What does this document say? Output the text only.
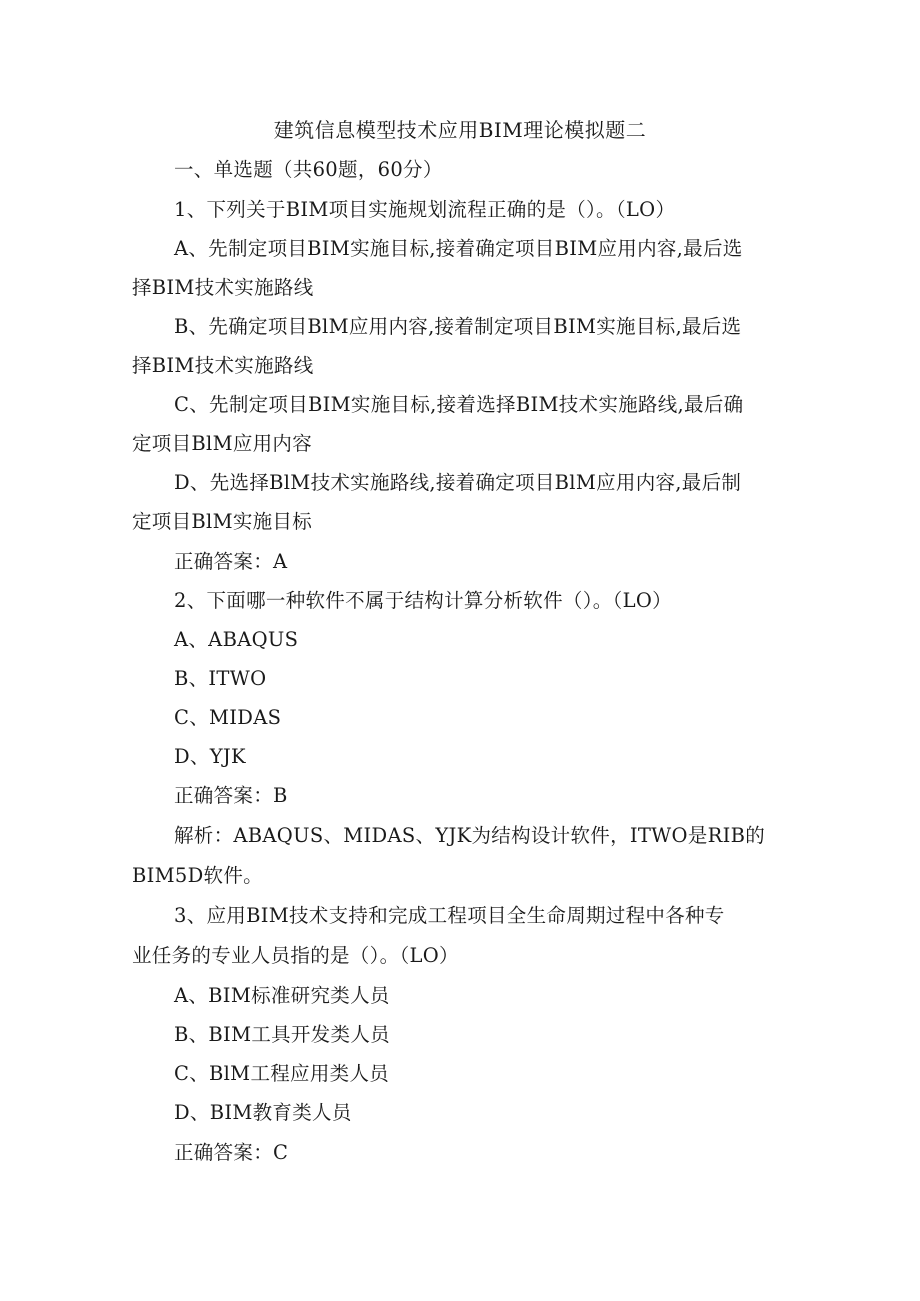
建筑信息模型技术应用BIM理论模拟题二
一、单选题（共60题，60分）
1、下列关于BIM项目实施规划流程正确的是（）。（LO）
A、先制定项目BIM实施目标,接着确定项目BIM应用内容,最后选
择BIM技术实施路线
B、先确定项目BlM应用内容,接着制定项目BIM实施目标,最后选
择BIM技术实施路线
C、先制定项目BIM实施目标,接着选择BIM技术实施路线,最后确
定项目BlM应用内容
D、先选择BlM技术实施路线,接着确定项目BlM应用内容,最后制
定项目BlM实施目标
正确答案：A
2、下面哪一种软件不属于结构计算分析软件（）。（LO）
A、ABAQUS
B、ITWO
C、MIDAS
D、YJK
正确答案：B
解析：ABAQUS、MIDAS、YJK为结构设计软件，ITWO是RIB的
BIM5D软件。
3、应用BIM技术支持和完成工程项目全生命周期过程中各种专
业任务的专业人员指的是（）。（LO）
A、BIM标准研究类人员
B、BIM工具开发类人员
C、BlM工程应用类人员
D、BIM教育类人员
正确答案：C
